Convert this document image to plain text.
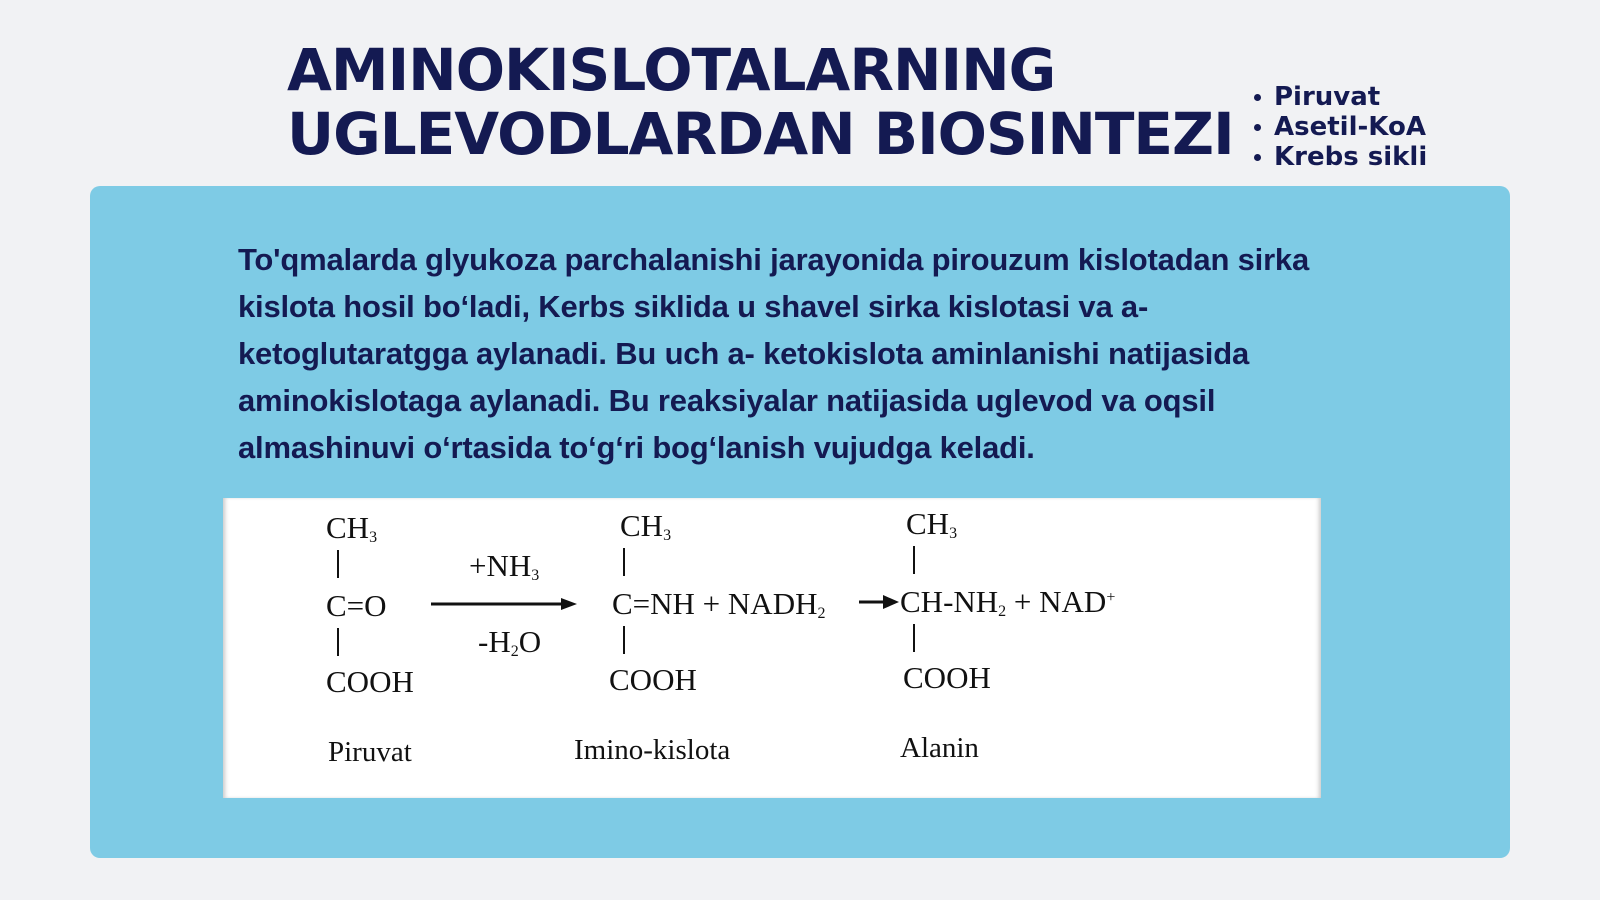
AMINOKISLOTALARNING
UGLEVODLARDAN BIOSINTEZI
Piruvat
Asetil-KoA
Krebs sikli

To'qmalarda glyukoza parchalanishi jarayonida pirouzum kislotadan sirka kislota hosil bo‘ladi, Kerbs siklida u shavel sirka kislotasi va a-ketoglutaratgga aylanadi. Bu uch a- ketokislota aminlanishi natijasida aminokislotaga aylanadi. Bu reaksiyalar natijasida uglevod va oqsil almashinuvi o‘rtasida to‘g‘ri bog‘lanish vujudga keladi.

$CH_3$
C=O
COOH
Piruvat
$+NH_3$
$-H_2O$
$CH_3$
$C=NH + NADH_2$
COOH
Imino-kislota
$CH_3$
$CH-NH_2 + NAD^+$
COOH
Alanin
